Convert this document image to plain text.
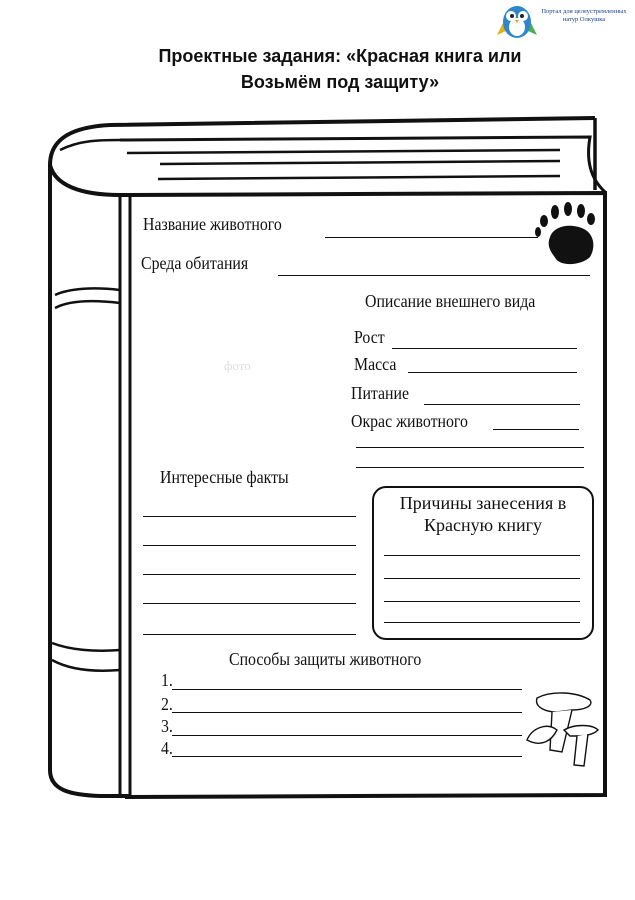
Проектные задания: «Красная книга или
Возьмём под защиту»
Портал для целеустремленных натур Олкушка
Название животного
Среда обитания
Описание внешнего вида
фото
Рост
Масса
Питание
Окрас животного
Интересные факты
Причины занесения в
Красную книгу
Способы защиты животного
1.
2.
3.
4.
